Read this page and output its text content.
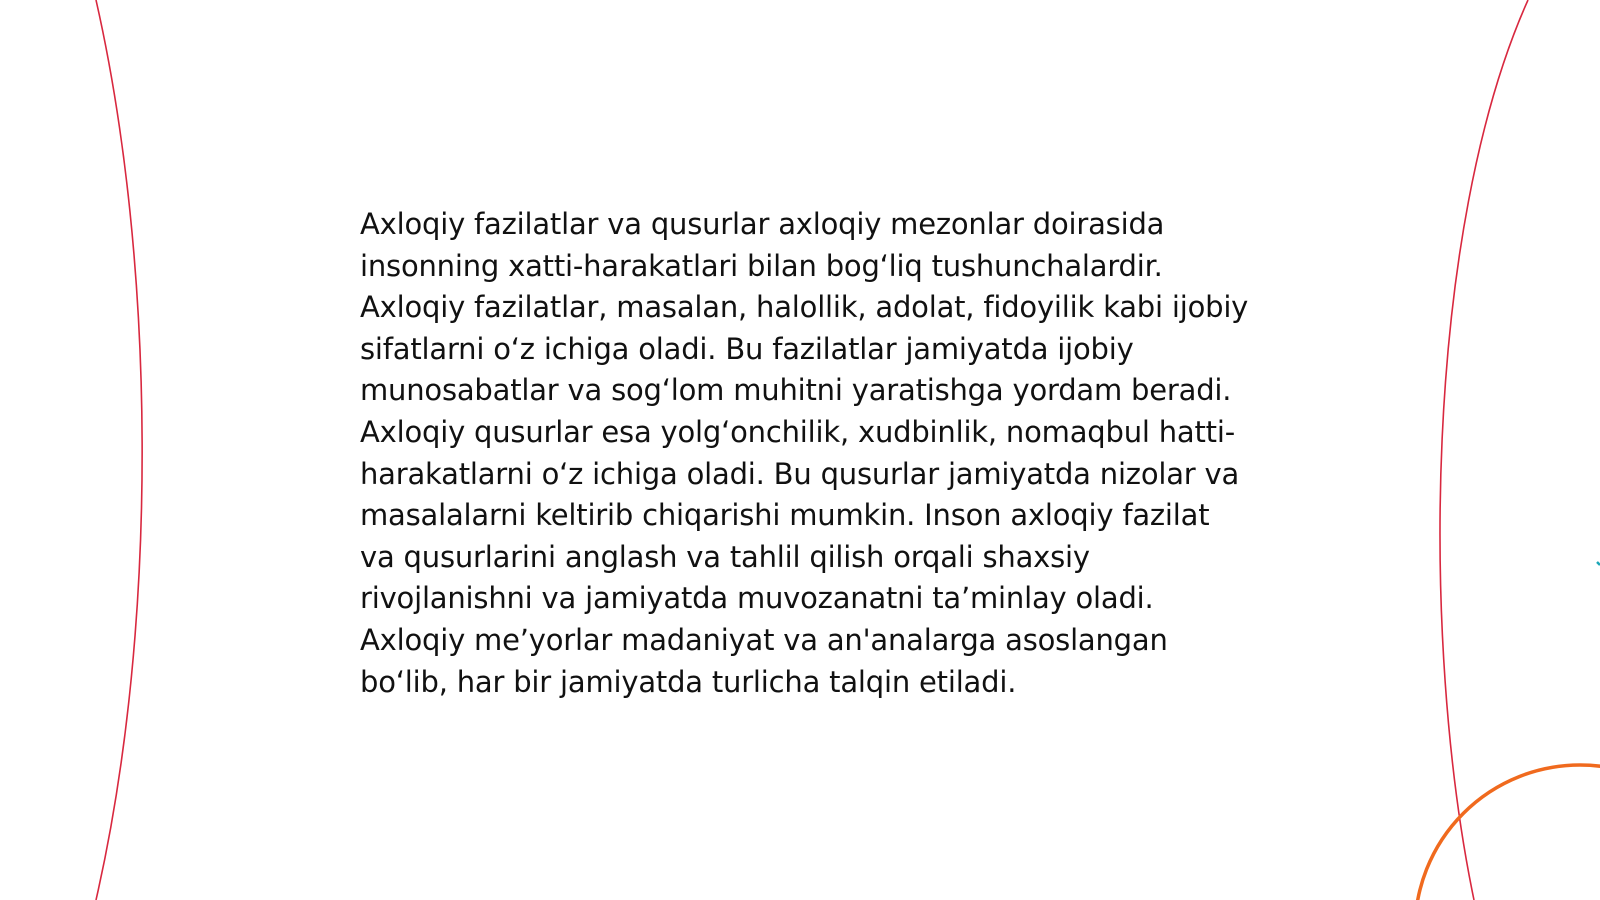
Axloqiy fazilatlar va qusurlar axloqiy mezonlar doirasida insonning xatti-harakatlari bilan bog‘liq tushunchalardir. Axloqiy fazilatlar, masalan, halollik, adolat, fidoyilik kabi ijobiy sifatlarni o‘z ichiga oladi. Bu fazilatlar jamiyatda ijobiy munosabatlar va sog‘lom muhitni yaratishga yordam beradi. Axloqiy qusurlar esa yolg‘onchilik, xudbinlik, nomaqbul hatti-harakatlarni o‘z ichiga oladi. Bu qusurlar jamiyatda nizolar va masalalarni keltirib chiqarishi mumkin. Inson axloqiy fazilat va qusurlarini anglash va tahlil qilish orqali shaxsiy rivojlanishni va jamiyatda muvozanatni ta’minlay oladi. Axloqiy me’yorlar madaniyat va an'analarga asoslangan bo‘lib, har bir jamiyatda turlicha talqin etiladi.
